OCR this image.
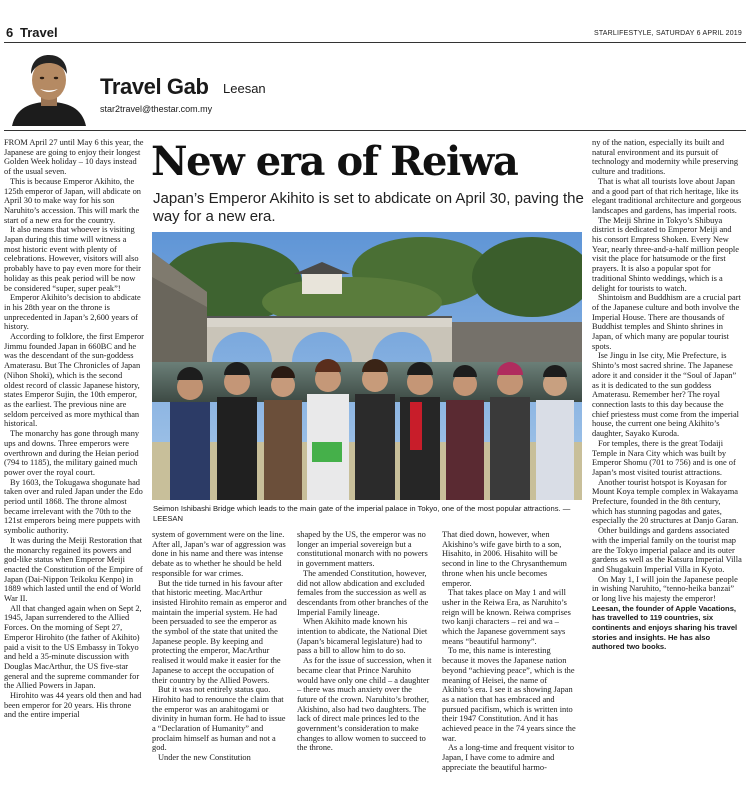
6 Travel	STARLIFESTYLE, SATURDAY 6 APRIL 2019
Travel Gab Leesan
star2travel@thestar.com.my

FROM April 27 until May 6 this year, the Japanese are going to enjoy their longest Golden Week holiday – 10 days instead of the usual seven.

This is because Emperor Akihito, the 125th emperor of Japan, will abdicate on April 30 to make way for his son Naruhito’s accession. This will mark the start of a new era for the country.

It also means that whoever is visiting Japan during this time will witness a most historic event with plenty of celebrations. However, visitors will also probably have to pay even more for their holiday as this peak period will be now be considered “super, super peak”!

Emperor Akihito’s decision to abdicate in his 28th year on the throne is unprecedented in Japan’s 2,600 years of history.

According to folklore, the first Emperor Jimmu founded Japan in 660BC and he was the descendant of the sun-goddess Amaterasu. But The Chronicles of Japan (Nihon Shoki), which is the second oldest record of classic Japanese history, states Emperor Sujin, the 10th emperor, as the earliest. The previous nine are seldom perceived as more mythical than historical.

The monarchy has gone through many ups and downs. Three emperors were overthrown and during the Heian period (794 to 1185), the military gained much power over the royal court.

By 1603, the Tokugawa shogunate had taken over and ruled Japan under the Edo period until 1868. The throne almost became irrelevant with the 70th to the 121st emperors being mere puppets with symbolic authority.

It was during the Meiji Restoration that the monarchy regained its powers and god-like status when Emperor Meiji enacted the Constitution of the Empire of Japan (Dai-Nippon Teikoku Kenpo) in 1889 which lasted until the end of World War II.

All that changed again when on Sept 2, 1945, Japan surrendered to the Allied Forces. On the morning of Sept 27, Emperor Hirohito (the father of Akihito) paid a visit to the US Embassy in Tokyo and held a 35-minute discussion with Douglas MacArthur, the US five-star general and the supreme commander for the Allied Powers in Japan.

Hirohito was 44 years old then and had been emperor for 20 years. His throne and the entire imperial

New era of Reiwa
Japan’s Emperor Akihito is set to abdicate on April 30, paving the way for a new era.
Seimon Ishibashi Bridge which leads to the main gate of the imperial palace in Tokyo, one of the most popular attractions. — LEESAN

system of government were on the line. After all, Japan’s war of aggression was done in his name and there was intense debate as to whether he should be held responsible for war crimes.

But the tide turned in his favour after that historic meeting. MacArthur insisted Hirohito remain as emperor and maintain the imperial system. He had been persuaded to see the emperor as the symbol of the state that united the Japanese people. By keeping and protecting the emperor, MacArthur realised it would make it easier for the Japanese to accept the occupation of their country by the Allied Powers.

But it was not entirely status quo. Hirohito had to renounce the claim that the emperor was an arahitogami or divinity in human form. He had to issue a “Declaration of Humanity” and proclaim himself as human and not a god.

Under the new Constitution

shaped by the US, the emperor was no longer an imperial sovereign but a constitutional monarch with no powers in government matters.

The amended Constitution, however, did not allow abdication and excluded females from the succession as well as descendants from other branches of the Imperial Family lineage.

When Akihito made known his intention to abdicate, the National Diet (Japan’s bicameral legislature) had to pass a bill to allow him to do so.

As for the issue of succession, when it became clear that Prince Naruhito would have only one child – a daughter – there was much anxiety over the future of the crown. Naruhito’s brother, Akishino, also had two daughters. The lack of direct male princes led to the government’s consideration to make changes to allow women to succeed to the throne.

That died down, however, when Akishino’s wife gave birth to a son, Hisahito, in 2006. Hisahito will be second in line to the Chrysanthemum throne when his uncle becomes emperor.

That takes place on May 1 and will usher in the Reiwa Era, as Naruhito’s reign will be known. Reiwa comprises two kanji characters – rei and wa – which the Japanese government says means “beautiful harmony”.

To me, this name is interesting because it moves the Japanese nation beyond “achieving peace”, which is the meaning of Heisei, the name of Akihito’s era. I see it as showing Japan as a nation that has embraced and pursued pacifism, which is written into their 1947 Constitution. And it has achieved peace in the 74 years since the war.

As a long-time and frequent visitor to Japan, I have come to admire and appreciate the beautiful harmo-

ny of the nation, especially its built and natural environment and its pursuit of technology and modernity while preserving culture and traditions.

That is what all tourists love about Japan and a good part of that rich heritage, like its elegant traditional architecture and gorgeous landscapes and gardens, has imperial roots.

The Meiji Shrine in Tokyo’s Shibuya district is dedicated to Emperor Meiji and his consort Empress Shoken. Every New Year, nearly three-and-a-half million people visit the place for hatsumode or the first prayers. It is also a popular spot for traditional Shinto weddings, which is a delight for tourists to watch.

Shintoism and Buddhism are a crucial part of the Japanese culture and both involve the Imperial House. There are thousands of Buddhist temples and Shinto shrines in Japan, of which many are popular tourist spots.

Ise Jingu in Ise city, Mie Prefecture, is Shinto’s most sacred shrine. The Japanese adore it and consider it the “Soul of Japan” as it is dedicated to the sun goddess Amaterasu. Remember her? The royal connection lasts to this day because the chief priestess must come from the imperial house, the current one being Akihito’s daughter, Sayako Kuroda.

For temples, there is the great Todaiji Temple in Nara City which was built by Emperor Shomu (701 to 756) and is one of Japan’s most visited tourist attractions.

Another tourist hotspot is Koyasan for Mount Koya temple complex in Wakayama Prefecture, founded in the 8th century, which has stunning pagodas and gates, especially the 20 structures at Danjo Garan.

Other buildings and gardens associated with the imperial family on the tourist map are the Tokyo imperial palace and its outer gardens as well as the Katsura Imperial Villa and Shugakuin Imperial Villa in Kyoto.

On May 1, I will join the Japanese people in wishing Naruhito, “tenno-heika banzai” or long live his majesty the emperor!

Leesan, the founder of Apple Vacations, has travelled to 119 countries, six continents and enjoys sharing his travel stories and insights. He has also authored two books.
